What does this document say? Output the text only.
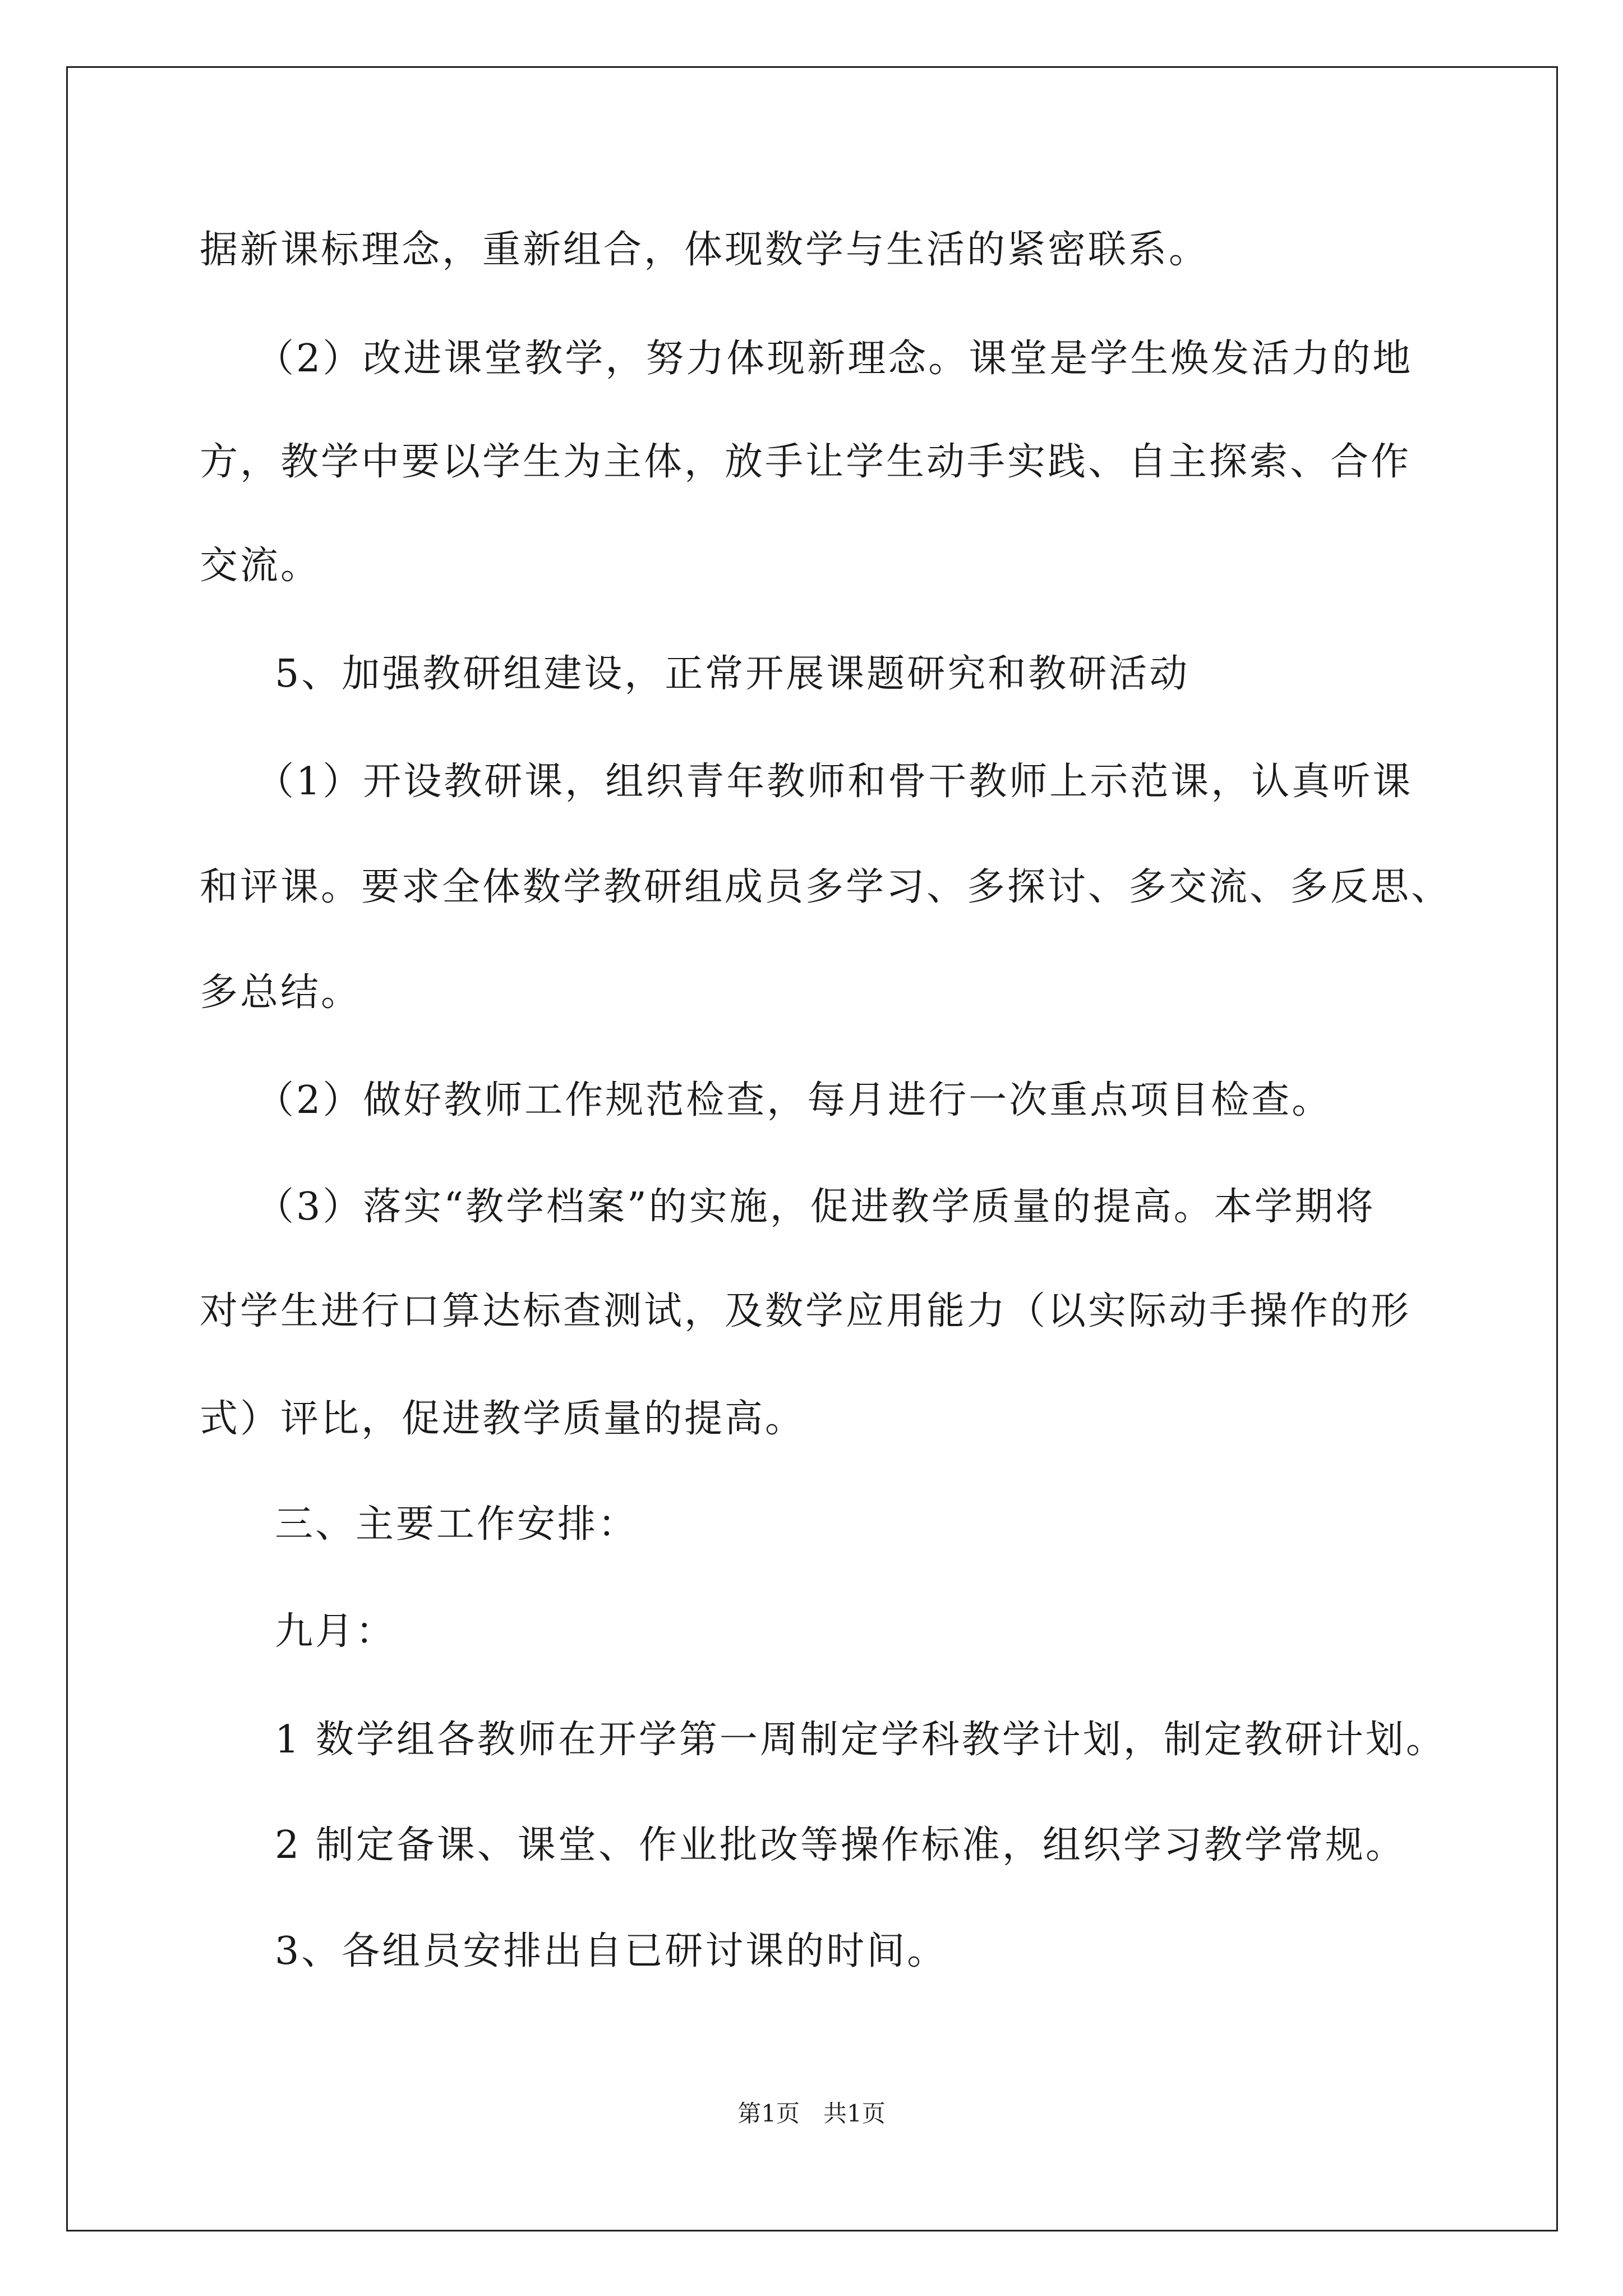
据新课标理念，重新组合，体现数学与生活的紧密联系。
（2）改进课堂教学，努力体现新理念。课堂是学生焕发活力的地
方，教学中要以学生为主体，放手让学生动手实践、自主探索、合作
交流。
5、加强教研组建设，正常开展课题研究和教研活动
（1）开设教研课，组织青年教师和骨干教师上示范课，认真听课
和评课。要求全体数学教研组成员多学习、多探讨、多交流、多反思、
多总结。
（2）做好教师工作规范检查，每月进行一次重点项目检查。
（3）落实“教学档案”的实施，促进教学质量的提高。本学期将
对学生进行口算达标查测试，及数学应用能力（以实际动手操作的形
式）评比，促进教学质量的提高。
三、主要工作安排：
九月：
1 数学组各教师在开学第一周制定学科教学计划，制定教研计划。
2 制定备课、课堂、作业批改等操作标准，组织学习教学常规。
3、各组员安排出自已研讨课的时间。
第1页　共1页
